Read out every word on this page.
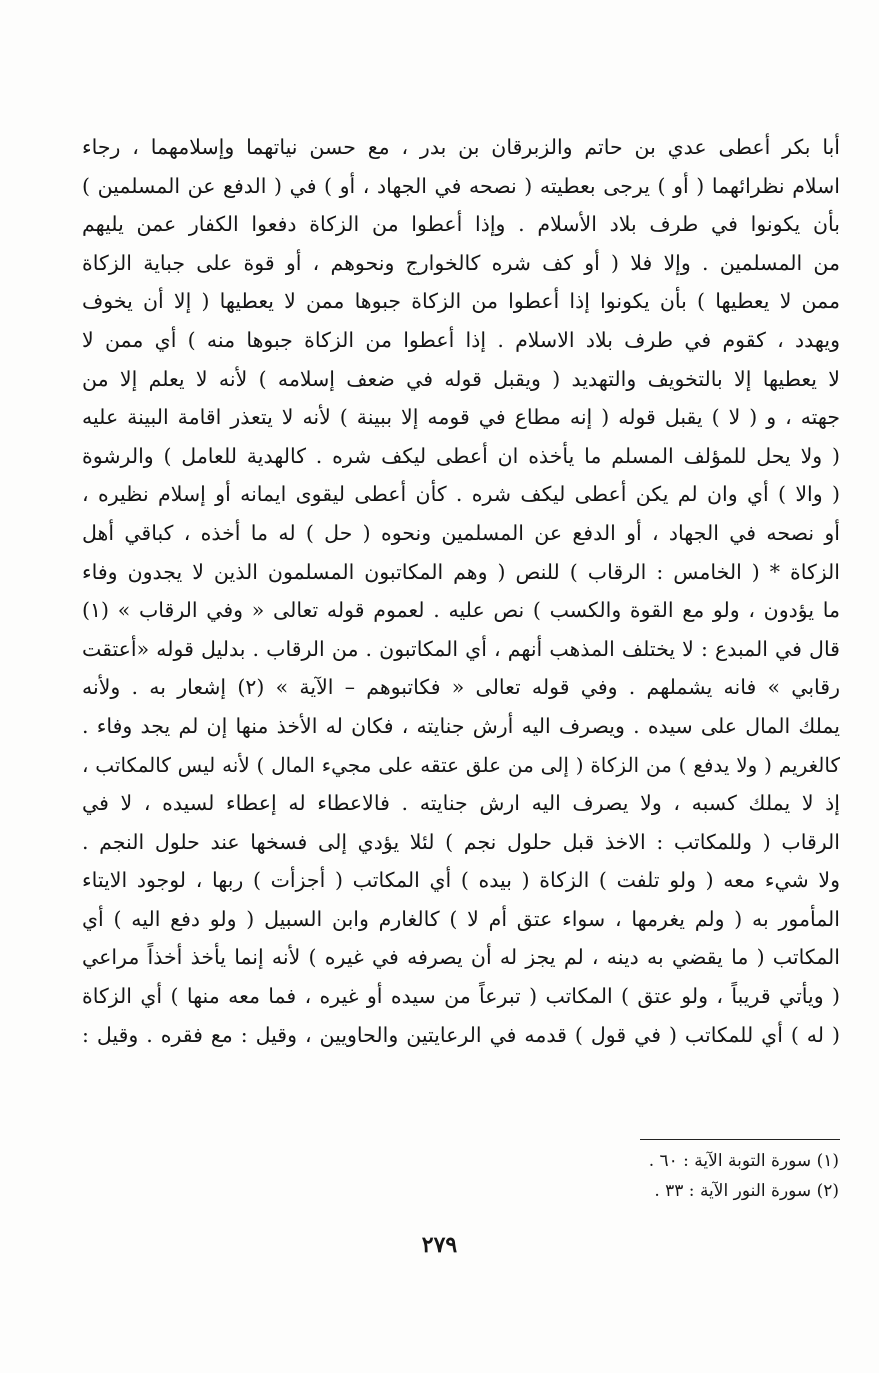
أبا بكر أعطى عدي بن حاتم والزبرقان بن بدر ، مع حسن نياتهما وإسلامهما ، رجاء
اسلام نظرائهما ( أو ) يرجى بعطيته ( نصحه في الجهاد ، أو ) في ( الدفع عن المسلمين )
بأن يكونوا في طرف بلاد الأسلام . وإذا أعطوا من الزكاة دفعوا الكفار عمن يليهم
من المسلمين . وإلا فلا ( أو كف شره كالخوارج ونحوهم ، أو قوة على جباية الزكاة
ممن لا يعطيها ) بأن يكونوا إذا أعطوا من الزكاة جبوها ممن لا يعطيها ( إلا أن يخوف
ويهدد ، كقوم في طرف بلاد الاسلام . إذا أعطوا من الزكاة جبوها منه ) أي ممن لا
لا يعطيها إلا بالتخويف والتهديد ( ويقبل قوله في ضعف إسلامه ) لأنه لا يعلم إلا من
جهته ، و ( لا ) يقبل قوله ( إنه مطاع في قومه إلا ببينة ) لأنه لا يتعذر اقامة البينة عليه
( ولا يحل للمؤلف المسلم ما يأخذه ان أعطى ليكف شره . كالهدية للعامل ) والرشوة
( والا ) أي وان لم يكن أعطى ليكف شره . كأن أعطى ليقوى ايمانه أو إسلام نظيره ،
أو نصحه في الجهاد ، أو الدفع عن المسلمين ونحوه ( حل ) له ما أخذه ، كباقي أهل
الزكاة * ( الخامس : الرقاب ) للنص ( وهم المكاتبون المسلمون الذين لا يجدون وفاء
ما يؤدون ، ولو مع القوة والكسب ) نص عليه . لعموم قوله تعالى « وفي الرقاب » (١)
قال في المبدع : لا يختلف المذهب أنهم ، أي المكاتبون . من الرقاب . بدليل قوله «أعتقت
رقابي » فانه يشملهم . وفي قوله تعالى « فكاتبوهم – الآية » (٢) إشعار به . ولأنه
يملك المال على سيده . ويصرف اليه أرش جنايته ، فكان له الأخذ منها إن لم يجد وفاء .
كالغريم ( ولا يدفع ) من الزكاة ( إلى من علق عتقه على مجيء المال ) لأنه ليس كالمكاتب ،
إذ لا يملك كسبه ، ولا يصرف اليه ارش جنايته . فالاعطاء له إعطاء لسيده ، لا في
الرقاب ( وللمكاتب : الاخذ قبل حلول نجم ) لئلا يؤدي إلى فسخها عند حلول النجم .
ولا شيء معه ( ولو تلفت ) الزكاة ( بيده ) أي المكاتب ( أجزأت ) ربها ، لوجود الايتاء
المأمور به ( ولم يغرمها ، سواء عتق أم لا ) كالغارم وابن السبيل ( ولو دفع اليه ) أي
المكاتب ( ما يقضي به دينه ، لم يجز له أن يصرفه في غيره ) لأنه إنما يأخذ أخذاً مراعي
( ويأتي قريباً ، ولو عتق ) المكاتب ( تبرعاً من سيده أو غيره ، فما معه منها ) أي الزكاة
( له ) أي للمكاتب ( في قول ) قدمه في الرعايتين والحاويين ، وقيل : مع فقره . وقيل :
(١) سورة التوبة الآية : ٦٠ .
(٢) سورة النور الآية : ٣٣ .
٢٧٩
